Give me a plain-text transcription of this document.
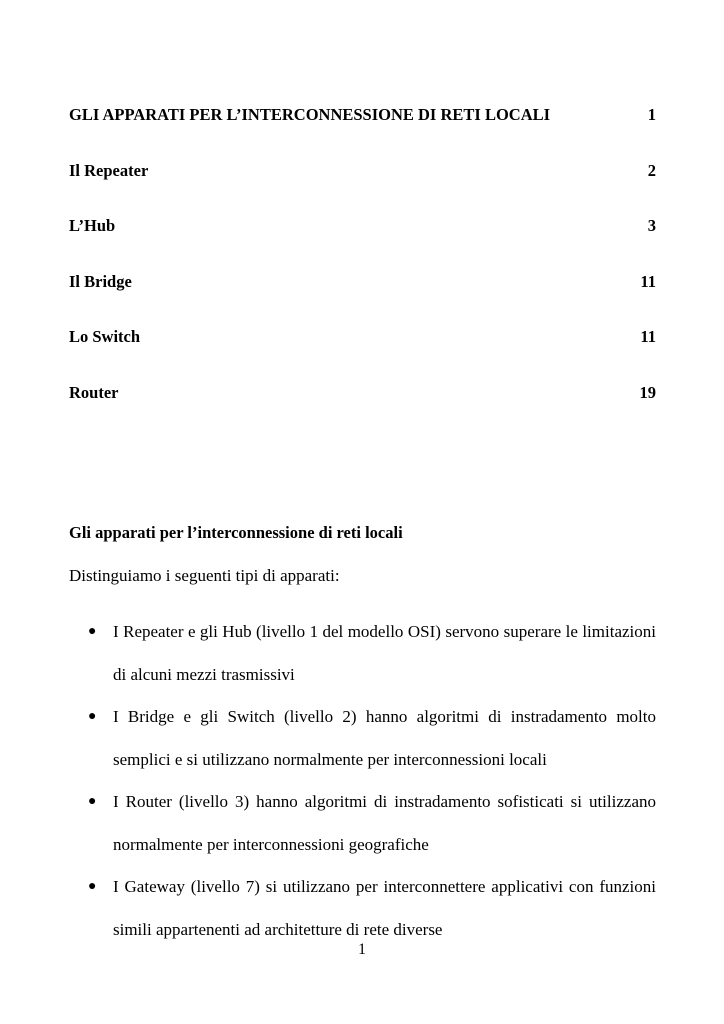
GLI APPARATI PER L’INTERCONNESSIONE DI RETI LOCALI	1
Il Repeater	2
L’Hub	3
Il Bridge	11
Lo Switch	11
Router	19
Gli apparati per l’interconnessione di reti locali
Distinguiamo i seguenti tipi di apparati:
● I Repeater e gli Hub (livello 1 del modello OSI) servono superare le limitazioni di alcuni mezzi trasmissivi
● I Bridge e gli Switch (livello 2) hanno algoritmi di instradamento molto semplici e si utilizzano normalmente per interconnessioni locali
● I Router (livello 3) hanno algoritmi di instradamento sofisticati si utilizzano normalmente per interconnessioni geografiche
● I Gateway (livello 7) si utilizzano per interconnettere applicativi con funzioni simili appartenenti ad architetture di rete diverse
1
